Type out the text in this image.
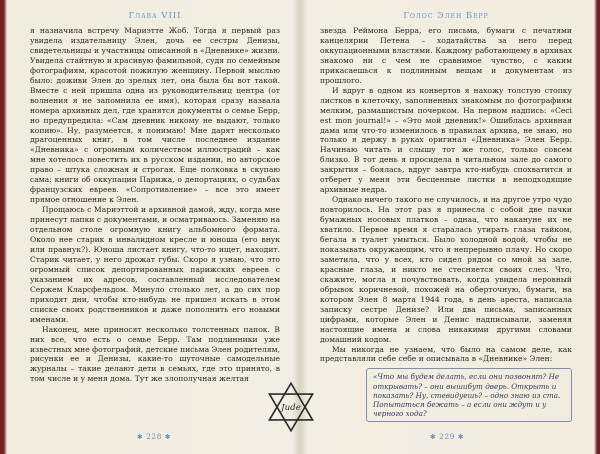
Глава VIII

я назначила встречу Мариэтте Жоб. Тогда я первый раз увидела издательницу Элен, дочь ее сестры Денизы, свидетельницы и участницы описанной в «Дневнике» жизни. Увидела стайтную и красивую фамильной, судя по семейным фотографиям, красотой пожилую женщину. Первой мыслью было: доживи Элен до зрелых лет, она была бы вот такой. Вместе с ней пришла одна из руководительниц центра (от волнения я не запомнила ее имя), которая сразу назвала номера архивных дел, где хранятся документы о семье Берр, но предупредила: «Сам дневник никому не выдают, только копию». Ну, разумеется, я понимаю! Мне дарят несколько драгоценных книг, в том числе последнее издание «Дневника» с огромным количеством иллюстраций – как мне хотелось повестить их в русском издании, но авторское право – штука сложная и строгая. Еще полковка в скупаю сама: книги об оккупации Парижа, о депортациях, о судьбах французских евреев. «Сопротивление» – все это имеет прямое отношение к Элен.

Прощаюсь с Мариэттой и архивной дамой, жду, когда мне принесут папки с документами, и осматриваюсь. Заменяю на отдельном столе огромную книгу альбомного формата. Около нее старик в инвалидном кресле и юноша (его внук или правнук?). Юноша листает книгу, что-то ищет, находит. Старик читает, у него дрожат губы. Скоро я узнаю, что это огромный список депортированных парижских евреев с указанием их адресов, составленный исследователем Сержем Кларсфельдом. Минуло столько лет, а до сих пор приходят дни, чтобы кто-нибудь не пришел искать в этом списке своих родственников и даже пополнить его новыми именами.

Наконец, мне приносят несколько толстенных папок. В них все, что есть о семье Берр. Там подлинники уже известных мне фотографий, детские письма Элен родителям, рисунки ее и Денизы, какие-то шуточные самодельные журналы – такие делают дети в семьях, где это принято, в том числе и у меня дома. Тут же злополучная желтая

✱ 228 ✱
Голос Элен Берр

звезда Реймона Берра, его письма, бумаги с печатями канцелярии Петена – ходатайства за него перед оккупационными властями. Каждому работающему в архивах знакомо ни с чем не сравнимое чувство, с каким прикасаешься к подлинным вещам и документам из прошлого.

И вдруг в одном из конвертов я нахожу толстую стопку листков в клеточку, заполненных знакомым по фотографиям мелким, размашистым почерком. На первом надпись: «Ceci est mon journal!» – «Это мой дневник!» Ошиблась архивная дама или что-то изменилось в правилах архива, не знаю, но только я держу в руках оригинал «Дневника» Элен Берр. Начинаю читать и слышу тот же голос, только совсем близко. В тот день я просидела в читальном зале до самого закрытия – боялась, вдруг завтра кто-нибудь спохватится и отберет у меня эти бесценные листки в неподходящие архивные недра.

Однако ничего такого не случилось, и на другое утро чудо повторилось. На этот раз я принесла с собой две пачки бумажных носовых платков – однаа, что накануне их не хватило. Первое время я старалась утирать глаза тайком, бегала в туалет умыться. Было холодной водой, чтобы не показывать окружающим, что я непрерывно плачу. Но скоро заметила, что у всех, кто сидел рядом со мной за зале, красные глаза, и никто не стесняется своих слез. Что, скажите, могла я почувствовать, когда увидела неровный обрывок коричневой, похожей на оберточную, бумаги, на котором Элен 8 марта 1944 года, в день ареста, написала записку сестре Денизе? Или два письма, записанных цифрами, которые Элен и Денис надписывали, заменяя настоящие имена и слова никакими другими словами домашний кодом.

Мы никогда не узнаем, что было на самом деле, как представляли себе себе и описывала в «Дневнике» Элен:

«Что мы будем делать, если они позвонят? Не открывать? – они вышибут дверь. Открыть и показать? Ну, стевидуешь? – одно знаю из ста.
Попытаться бежать – а если они ждут и у черного хода?
✱ 229 ✱
Jude
